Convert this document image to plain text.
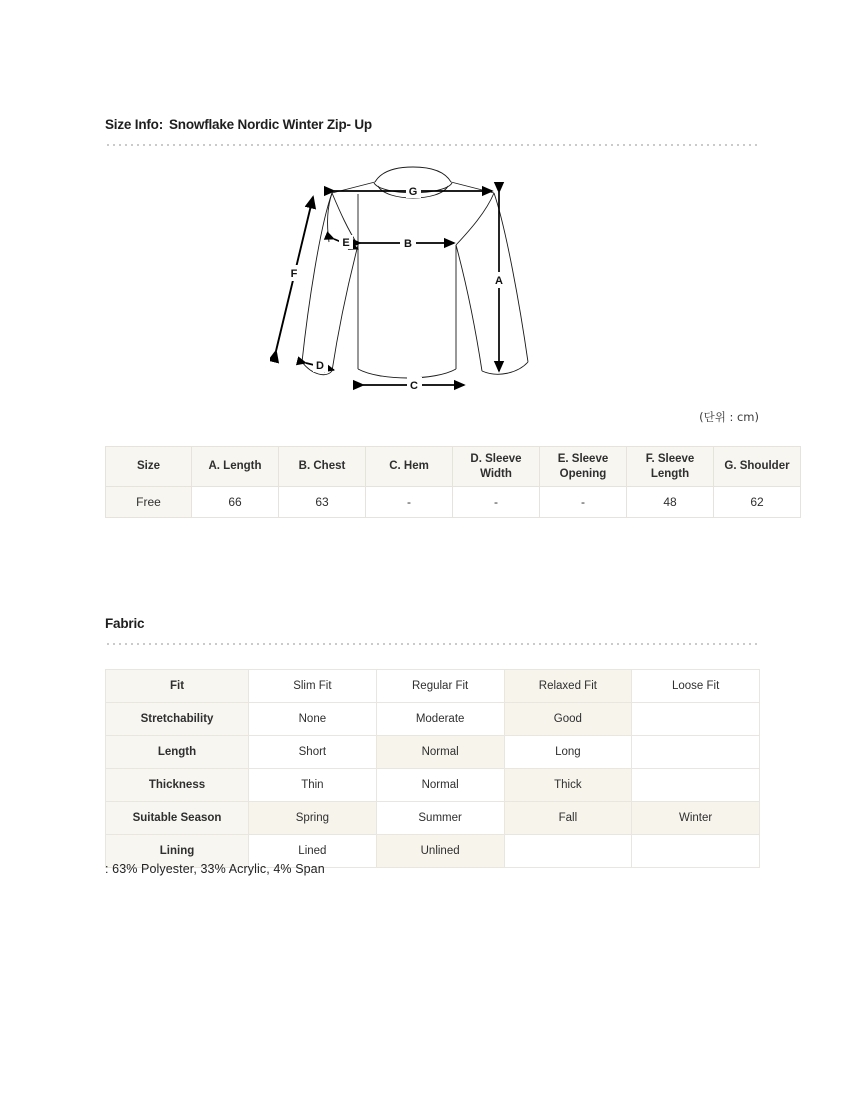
Size Info: Snowflake Nordic Winter Zip- Up
G
B
A
C
E
D
F
(단위 : cm)
Size	A. Length	B. Chest	C. Hem	D. Sleeve Width	E. Sleeve Opening	F. Sleeve Length	G. Shoulder
Free	66	63	-	-	-	48	62
Fabric
Fit	Slim Fit	Regular Fit	Relaxed Fit	Loose Fit
Stretchability	None	Moderate	Good	
Length	Short	Normal	Long	
Thickness	Thin	Normal	Thick	
Suitable Season	Spring	Summer	Fall	Winter
Lining	Lined	Unlined		
: 63% Polyester, 33% Acrylic, 4% Span
